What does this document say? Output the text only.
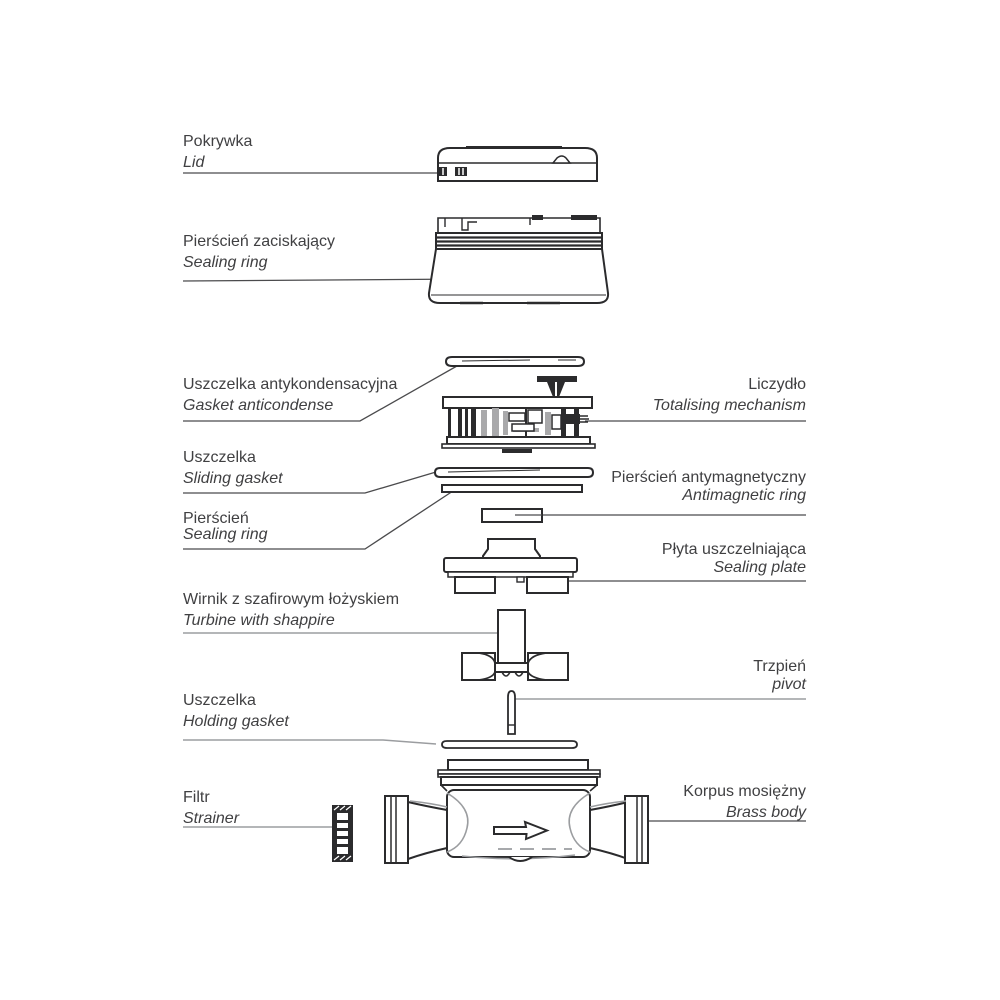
Pokrywka
Lid
Pierścień zaciskający
Sealing ring
Uszczelka antykondensacyjna
Gasket anticondense
Liczydło
Totalising mechanism
Uszczelka
Sliding gasket	Pierścień antymagnetyczny
Antimagnetic ring
Pierścień
Sealing ring
Płyta uszczelniająca
Sealing plate
Wirnik z szafirowym łożyskiem
Turbine with shappire
Trzpień
pivot
Uszczelka
Holding gasket
Korpus mosiężny
Brass body
Filtr
Strainer
